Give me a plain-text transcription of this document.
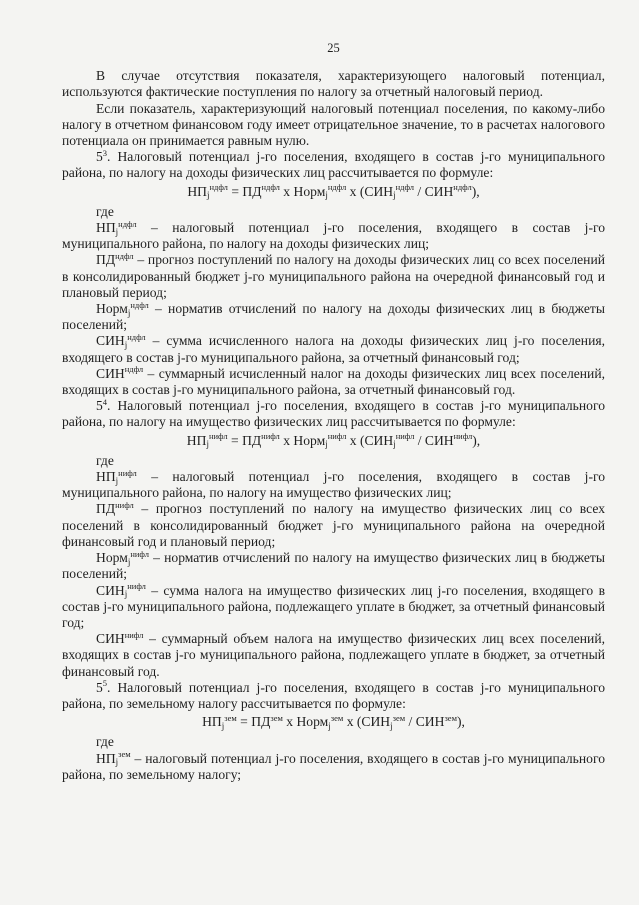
25

В случае отсутствия показателя, характеризующего налоговый потенциал, используются фактические поступления по налогу за отчетный налоговый период.

Если показатель, характеризующий налоговый потенциал поселения, по какому-либо налогу в отчетном финансовом году имеет отрицательное значение, то в расчетах налогового потенциала он принимается равным нулю.

$5^3$. Налоговый потенциал j-го поселения, входящего в состав j-го муниципального района, по налогу на доходы физических лиц рассчитывается по формуле:

$НП_j^{ндфл} = ПД^{ндфл}$ x Норм$_j^{ндфл}$ x $(СИН_j^{ндфл} / СИН^{ндфл})$,

где

$НП_j^{ндфл}$ – налоговый потенциал j-го поселения, входящего в состав j-го муниципального района, по налогу на доходы физических лиц;

$ПД^{ндфл}$ – прогноз поступлений по налогу на доходы физических лиц со всех поселений в консолидированный бюджет j-го муниципального района на очередной финансовый год и плановый период;

Норм$_j^{ндфл}$ – норматив отчислений по налогу на доходы физических лиц в бюджеты поселений;

$СИН_j^{ндфл}$ – сумма исчисленного налога на доходы физических лиц j-го поселения, входящего в состав j-го муниципального района, за отчетный финансовый год;

$СИН^{ндфл}$ – суммарный исчисленный налог на доходы физических лиц всех поселений, входящих в состав j-го муниципального района, за отчетный финансовый год.

$5^4$. Налоговый потенциал j-го поселения, входящего в состав j-го муниципального района, по налогу на имущество физических лиц рассчитывается по формуле:

$НП_j^{нифл} = ПД^{нифл}$ x Норм$_j^{нифл}$ x $(СИН_j^{нифл} / СИН^{нифл})$,

где

$НП_j^{нифл}$ – налоговый потенциал j-го поселения, входящего в состав j-го муниципального района, по налогу на имущество физических лиц;

$ПД^{нифл}$ – прогноз поступлений по налогу на имущество физических лиц со всех поселений в консолидированный бюджет j-го муниципального района на очередной финансовый год и плановый период;

Норм$_j^{нифл}$ – норматив отчислений по налогу на имущество физических лиц в бюджеты поселений;

$СИН_j^{нифл}$ – сумма налога на имущество физических лиц j-го поселения, входящего в состав j-го муниципального района, подлежащего уплате в бюджет, за отчетный финансовый год;

$СИН^{нифл}$ – суммарный объем налога на имущество физических лиц всех поселений, входящих в состав j-го муниципального района, подлежащего уплате в бюджет, за отчетный финансовый год.

$5^5$. Налоговый потенциал j-го поселения, входящего в состав j-го муниципального района, по земельному налогу рассчитывается по формуле:

$НП_j^{зем} = ПД^{зем}$ x Норм$_j^{зем}$ x $(СИН_j^{зем} / СИН^{зем})$,

где

$НП_j^{зем}$ – налоговый потенциал j-го поселения, входящего в состав j-го муниципального района, по земельному налогу;
